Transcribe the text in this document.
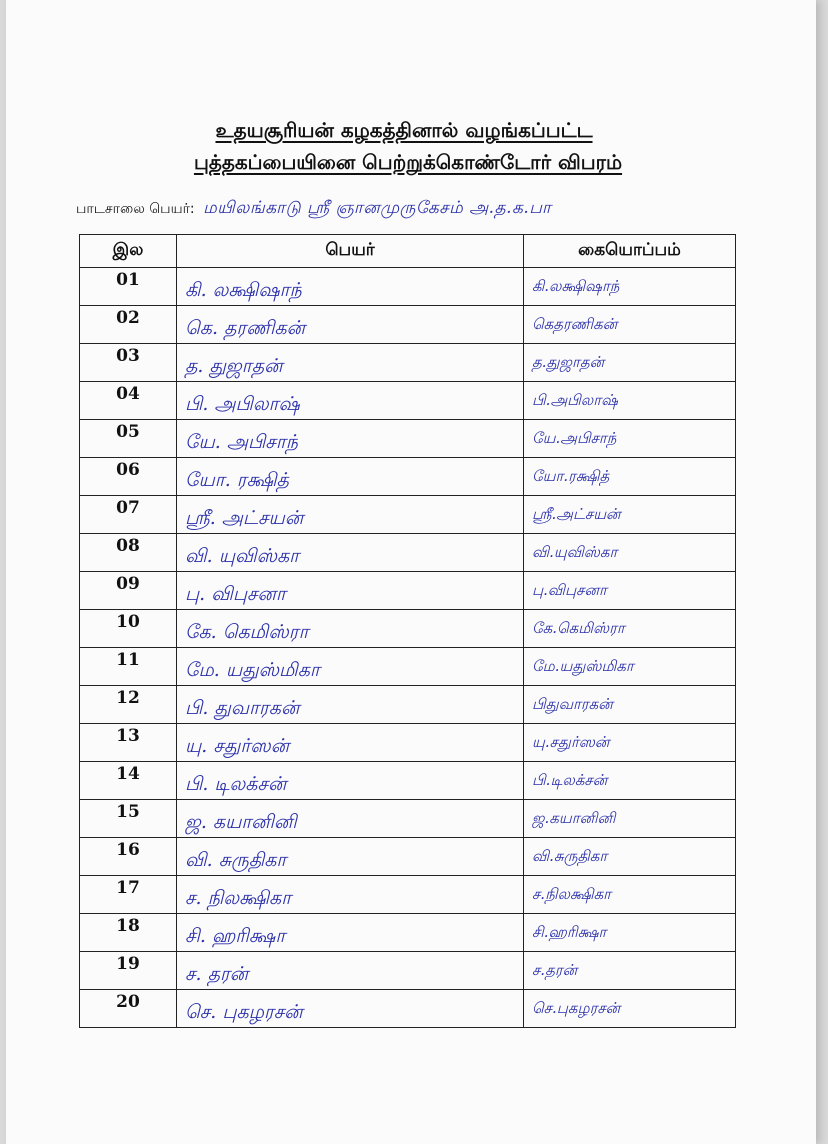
உதயசூரியன் கழகத்தினால் வழங்கப்பட்ட
புத்தகப்பையினை பெற்றுக்கொண்டோர் விபரம்
பாடசாலை பெயர்: மயிலங்காடு ஸ்ரீ ஞானமுருகேசம் அ.த.க.பா
இல	பெயர்	கையொப்பம்
01	கி. லக்ஷிஷாந்	கி.லக்ஷிஷாந்
02	கெ. தரணிகன்	கெதரணிகன்
03	த. துஜாதன்	த.துஜாதன்
04	பி. அபிலாஷ்	பி.அபிலாஷ்
05	யே. அபிசாந்	யே.அபிசாந்
06	யோ. ரக்ஷித்	யோ.ரக்ஷித்
07	ஸ்ரீ. அட்சயன்	ஸ்ரீ.அட்சயன்
08	வி. யுவிஸ்கா	வி.யுவிஸ்கா
09	பு. விபுசனா	பு.விபுசனா
10	கே. கெமிஸ்ரா	கே.கெமிஸ்ரா
11	மே. யதுஸ்மிகா	மே.யதுஸ்மிகா
12	பி. துவாரகன்	பிதுவாரகன்
13	யு. சதுர்ஸன்	யு.சதுர்ஸன்
14	பி. டிலக்சன்	பி.டிலக்சன்
15	ஜ. கயானினி	ஜ.கயானினி
16	வி. சுருதிகா	வி.சுருதிகா
17	ச. நிலக்ஷிகா	ச.நிலக்ஷிகா
18	சி. ஹரிக்ஷா	சி.ஹரிக்ஷா
19	ச. தரன்	ச.தரன்
20	செ. புகழரசன்	செ.புகழரசன்
